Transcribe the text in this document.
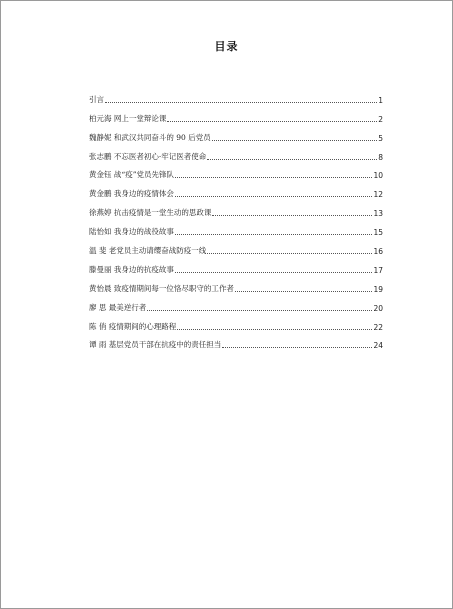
目录
引言	1
柏元海 网上一堂辩论课	2
魏静妮 和武汉共同奋斗的 90 后党员	5
张志鹏 不忘医者初心·牢记医者使命	8
黄金钰 战“疫”党员先锋队	10
黄金鹏 我身边的疫情体会	12
徐燕婷 抗击疫情是一堂生动的思政课	13
陆怡如 我身边的战役故事	15
温 斐 老党员主动请缨奋战防疫一线	16
滕曼丽 我身边的抗疫故事	17
黄怡晨 致疫情期间每一位恪尽职守的工作者	19
廖 思 最美逆行者	20
陈 俏 疫情期间的心理路程	22
谭 雨 基层党员干部在抗疫中的责任担当	24
